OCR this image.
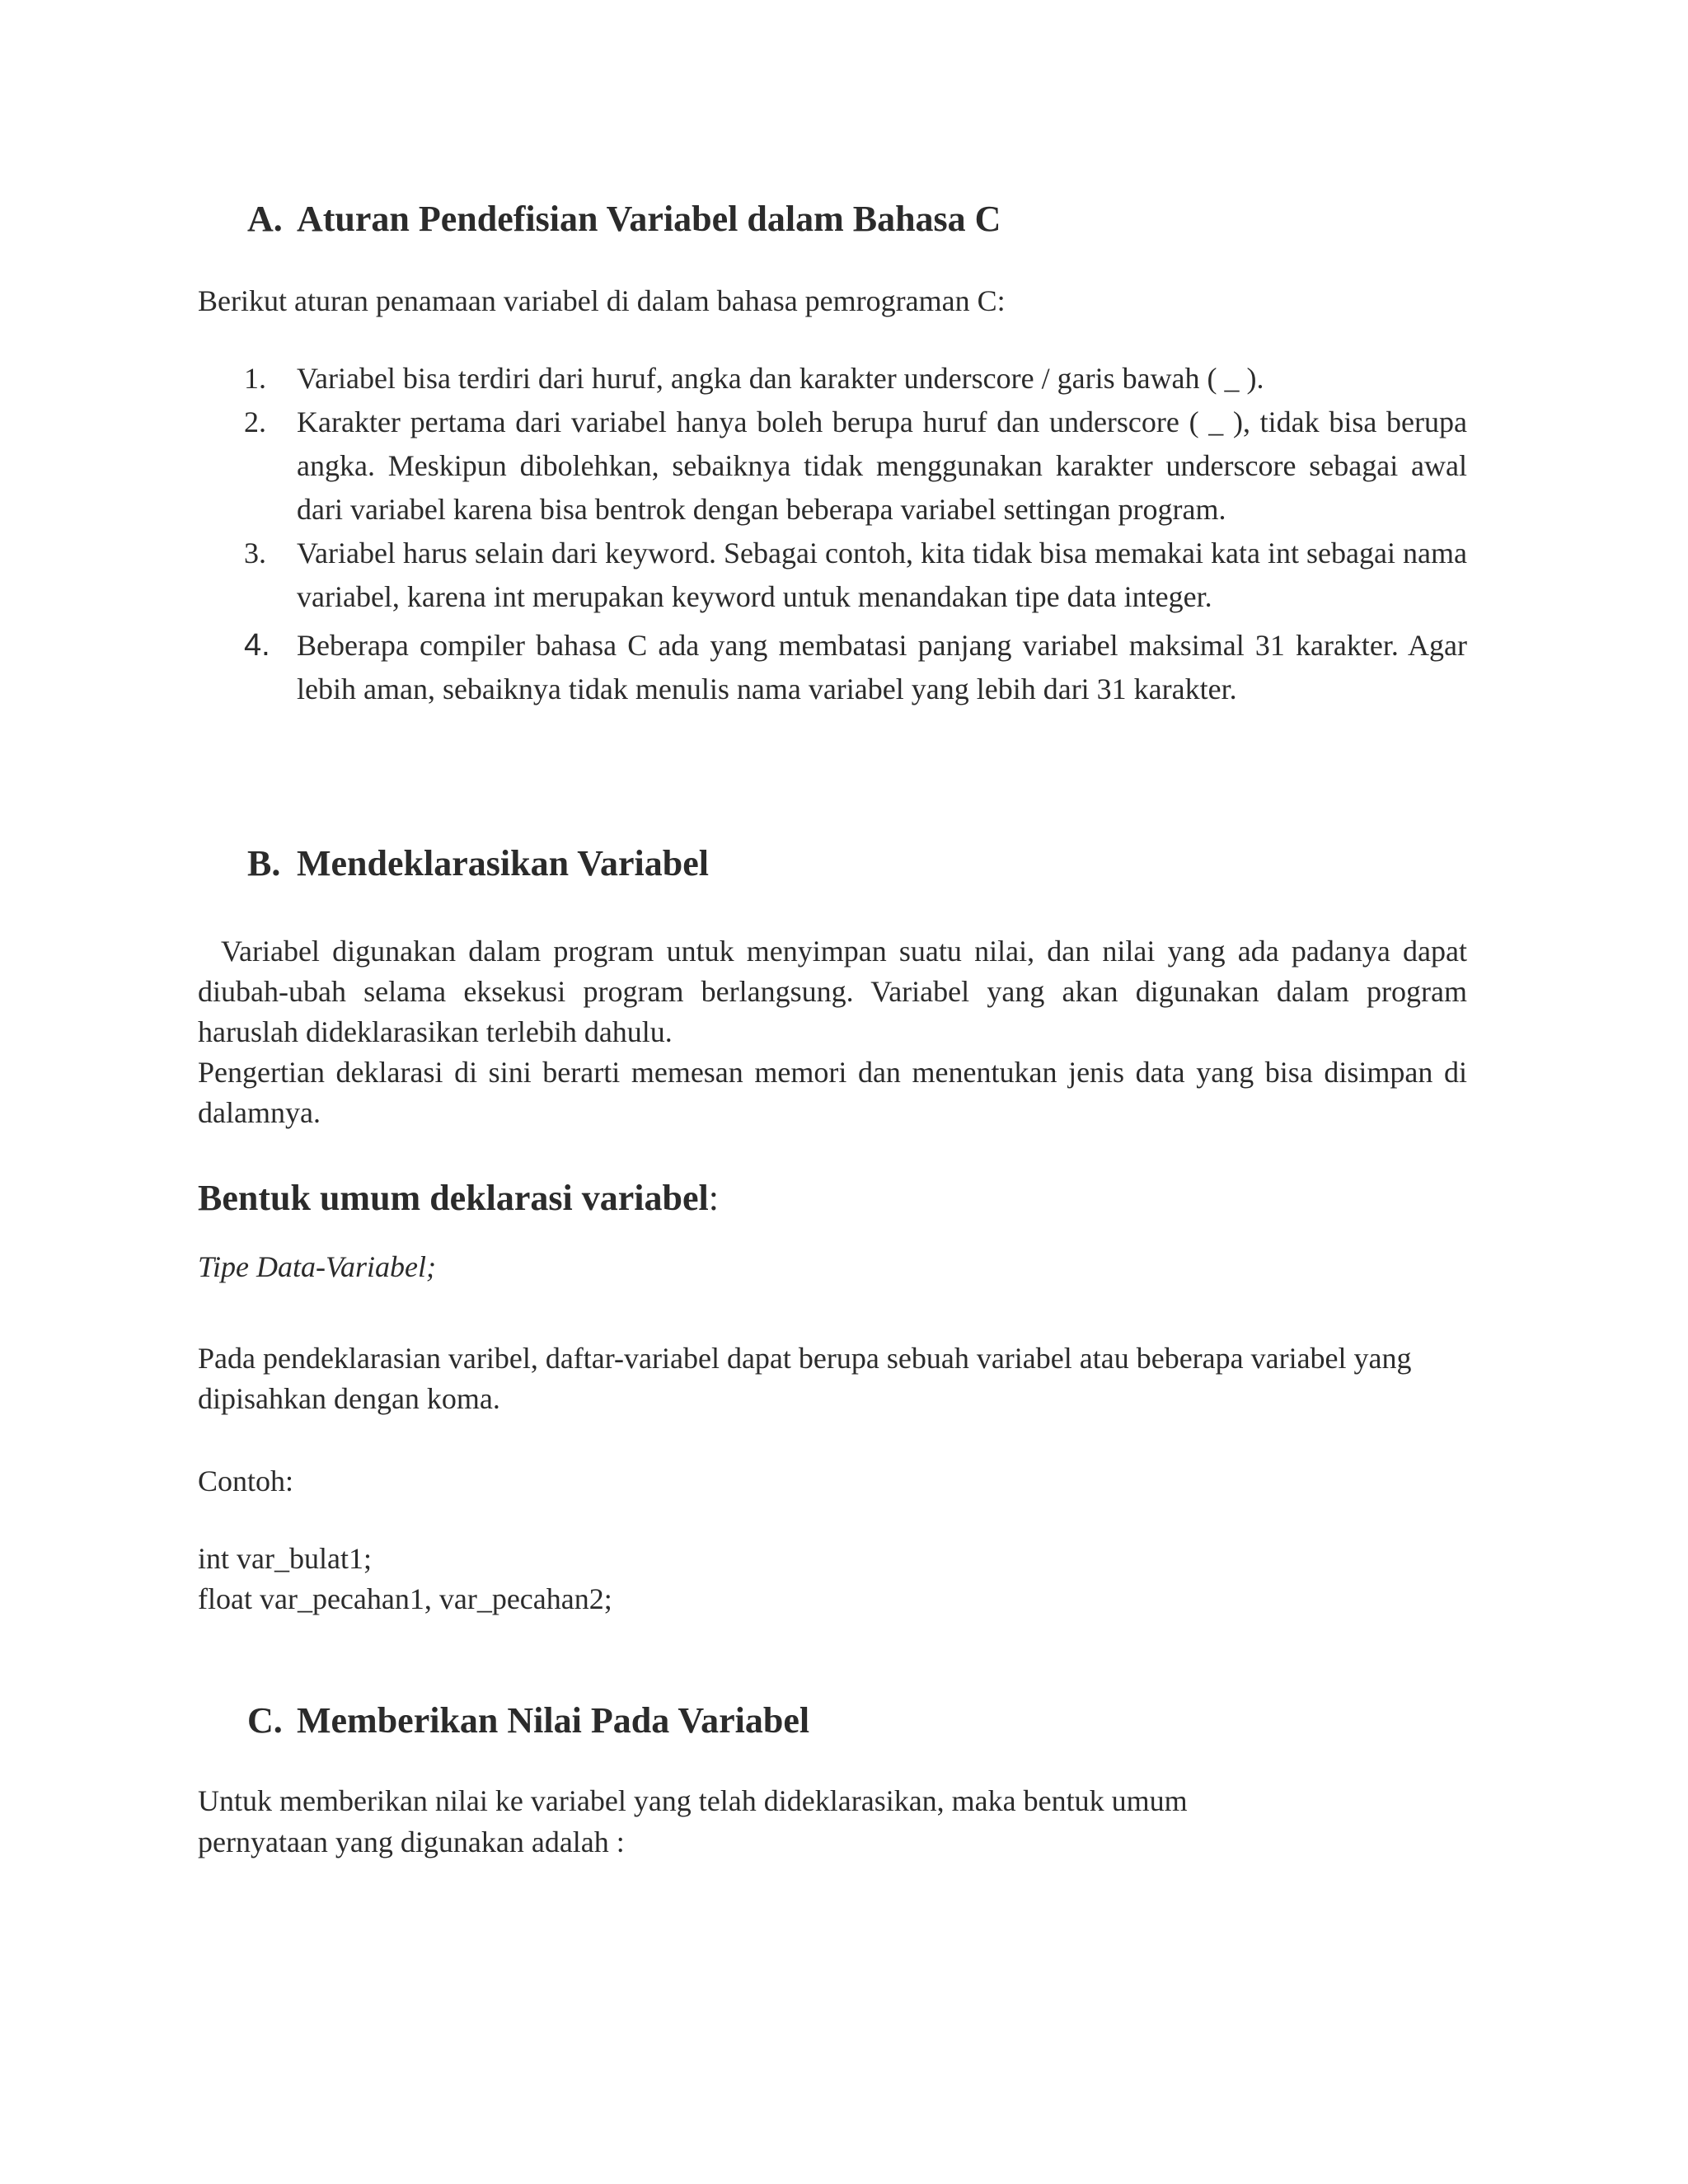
A. Aturan Pendefisian Variabel dalam Bahasa C
Berikut aturan penamaan variabel di dalam bahasa pemrograman C:
1. Variabel bisa terdiri dari huruf, angka dan karakter underscore / garis bawah ( _ ).
2. Karakter pertama dari variabel hanya boleh berupa huruf dan underscore ( _ ), tidak bisa berupa angka. Meskipun dibolehkan, sebaiknya tidak menggunakan karakter underscore sebagai awal dari variabel karena bisa bentrok dengan beberapa variabel settingan program.
3. Variabel harus selain dari keyword. Sebagai contoh, kita tidak bisa memakai kata int sebagai nama variabel, karena int merupakan keyword untuk menandakan tipe data integer.
4. Beberapa compiler bahasa C ada yang membatasi panjang variabel maksimal 31 karakter. Agar lebih aman, sebaiknya tidak menulis nama variabel yang lebih dari 31 karakter.
B. Mendeklarasikan Variabel
Variabel digunakan dalam program untuk menyimpan suatu nilai, dan nilai yang ada padanya dapat diubah-ubah selama eksekusi program berlangsung. Variabel yang akan digunakan dalam program haruslah dideklarasikan terlebih dahulu.
Pengertian deklarasi di sini berarti memesan memori dan menentukan jenis data yang bisa disimpan di dalamnya.
Bentuk umum deklarasi variabel:
Tipe Data-Variabel;
Pada pendeklarasian varibel, daftar-variabel dapat berupa sebuah variabel atau beberapa variabel yang dipisahkan dengan koma.
Contoh:
int var_bulat1;
float var_pecahan1, var_pecahan2;
C. Memberikan Nilai Pada Variabel
Untuk memberikan nilai ke variabel yang telah dideklarasikan, maka bentuk umum
pernyataan yang digunakan adalah :
